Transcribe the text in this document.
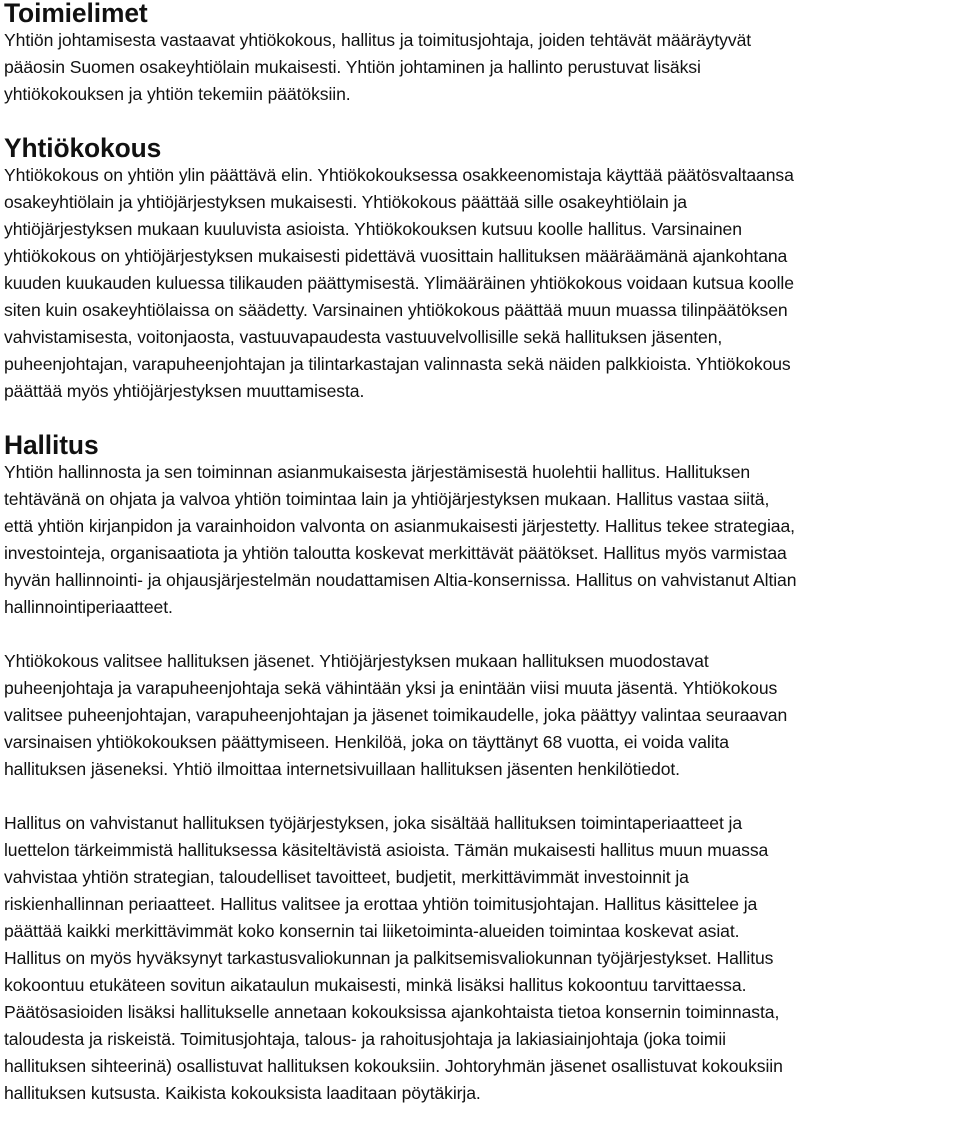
Toimielimet
Yhtiön johtamisesta vastaavat yhtiökokous, hallitus ja toimitusjohtaja, joiden tehtävät määräytyvät
pääosin Suomen osakeyhtiölain mukaisesti. Yhtiön johtaminen ja hallinto perustuvat lisäksi
yhtiökokouksen ja yhtiön tekemiin päätöksiin.
Yhtiökokous
Yhtiökokous on yhtiön ylin päättävä elin. Yhtiökokouksessa osakkeenomistaja käyttää päätösvaltaansa
osakeyhtiölain ja yhtiöjärjestyksen mukaisesti. Yhtiökokous päättää sille osakeyhtiölain ja
yhtiöjärjestyksen mukaan kuuluvista asioista. Yhtiökokouksen kutsuu koolle hallitus. Varsinainen
yhtiökokous on yhtiöjärjestyksen mukaisesti pidettävä vuosittain hallituksen määräämänä ajankohtana
kuuden kuukauden kuluessa tilikauden päättymisestä. Ylimääräinen yhtiökokous voidaan kutsua koolle
siten kuin osakeyhtiölaissa on säädetty. Varsinainen yhtiökokous päättää muun muassa tilinpäätöksen
vahvistamisesta, voitonjaosta, vastuuvapaudesta vastuuvelvollisille sekä hallituksen jäsenten,
puheenjohtajan, varapuheenjohtajan ja tilintarkastajan valinnasta sekä näiden palkkioista. Yhtiökokous
päättää myös yhtiöjärjestyksen muuttamisesta.
Hallitus
Yhtiön hallinnosta ja sen toiminnan asianmukaisesta järjestämisestä huolehtii hallitus. Hallituksen
tehtävänä on ohjata ja valvoa yhtiön toimintaa lain ja yhtiöjärjestyksen mukaan. Hallitus vastaa siitä,
että yhtiön kirjanpidon ja varainhoidon valvonta on asianmukaisesti järjestetty. Hallitus tekee strategiaa,
investointeja, organisaatiota ja yhtiön taloutta koskevat merkittävät päätökset. Hallitus myös varmistaa
hyvän hallinnointi- ja ohjausjärjestelmän noudattamisen Altia-konsernissa. Hallitus on vahvistanut Altian
hallinnointiperiaatteet.
Yhtiökokous valitsee hallituksen jäsenet. Yhtiöjärjestyksen mukaan hallituksen muodostavat
puheenjohtaja ja varapuheenjohtaja sekä vähintään yksi ja enintään viisi muuta jäsentä. Yhtiökokous
valitsee puheenjohtajan, varapuheenjohtajan ja jäsenet toimikaudelle, joka päättyy valintaa seuraavan
varsinaisen yhtiökokouksen päättymiseen. Henkilöä, joka on täyttänyt 68 vuotta, ei voida valita
hallituksen jäseneksi. Yhtiö ilmoittaa internetsivuillaan hallituksen jäsenten henkilötiedot.
Hallitus on vahvistanut hallituksen työjärjestyksen, joka sisältää hallituksen toimintaperiaatteet ja
luettelon tärkeimmistä hallituksessa käsiteltävistä asioista. Tämän mukaisesti hallitus muun muassa
vahvistaa yhtiön strategian, taloudelliset tavoitteet, budjetit, merkittävimmät investoinnit ja
riskienhallinnan periaatteet. Hallitus valitsee ja erottaa yhtiön toimitusjohtajan. Hallitus käsittelee ja
päättää kaikki merkittävimmät koko konsernin tai liiketoiminta-alueiden toimintaa koskevat asiat.
Hallitus on myös hyväksynyt tarkastusvaliokunnan ja palkitsemisvaliokunnan työjärjestykset. Hallitus
kokoontuu etukäteen sovitun aikataulun mukaisesti, minkä lisäksi hallitus kokoontuu tarvittaessa.
Päätösasioiden lisäksi hallitukselle annetaan kokouksissa ajankohtaista tietoa konsernin toiminnasta,
taloudesta ja riskeistä. Toimitusjohtaja, talous- ja rahoitusjohtaja ja lakiasiainjohtaja (joka toimii
hallituksen sihteerinä) osallistuvat hallituksen kokouksiin. Johtoryhmän jäsenet osallistuvat kokouksiin
hallituksen kutsusta. Kaikista kokouksista laaditaan pöytäkirja.
